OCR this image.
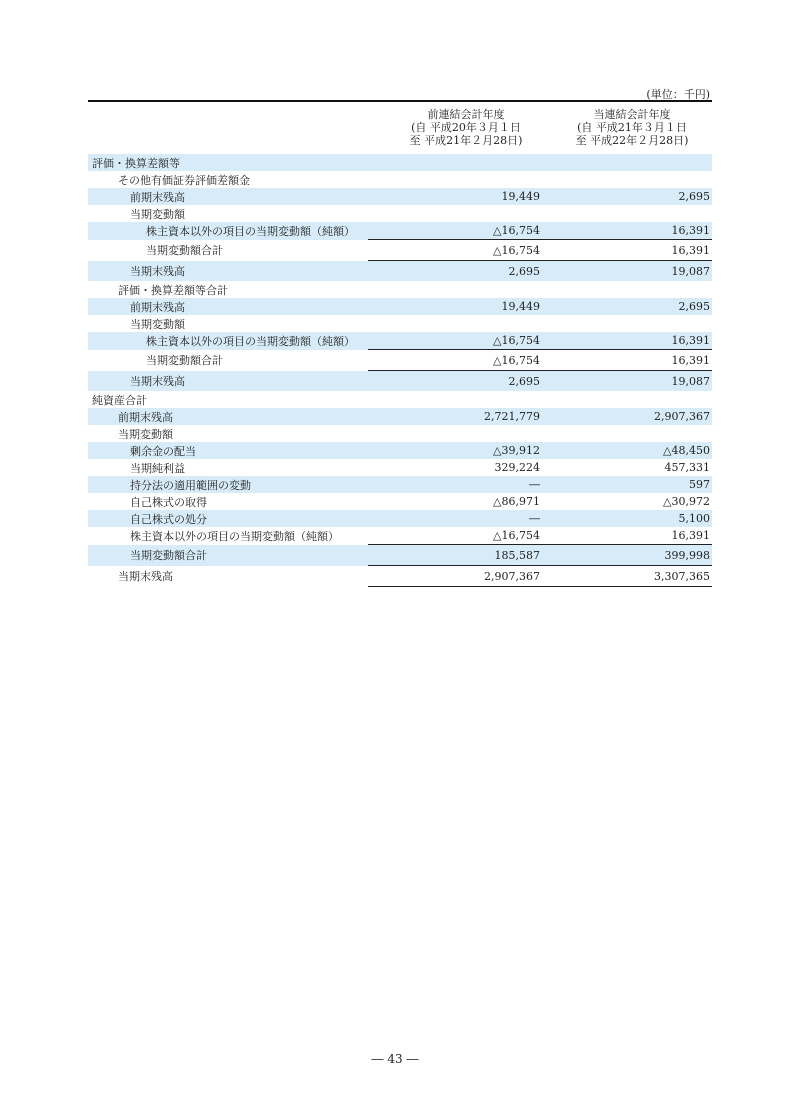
(単位：千円)
前連結会計年度
(自 平成20年３月１日
至 平成21年２月28日)
当連結会計年度
(自 平成21年３月１日
至 平成22年２月28日)
評価・換算差額等		
その他有価証券評価差額金		
前期末残高	19,449	2,695
当期変動額		
株主資本以外の項目の当期変動額（純額）	△16,754	16,391
当期変動額合計	△16,754	16,391
当期末残高	2,695	19,087
評価・換算差額等合計		
前期末残高	19,449	2,695
当期変動額		
株主資本以外の項目の当期変動額（純額）	△16,754	16,391
当期変動額合計	△16,754	16,391
当期末残高	2,695	19,087
純資産合計		
前期末残高	2,721,779	2,907,367
当期変動額		
剰余金の配当	△39,912	△48,450
当期純利益	329,224	457,331
持分法の適用範囲の変動	―	597
自己株式の取得	△86,971	△30,972
自己株式の処分	―	5,100
株主資本以外の項目の当期変動額（純額）	△16,754	16,391
当期変動額合計	185,587	399,998
当期末残高	2,907,367	3,307,365
― 43 ―
